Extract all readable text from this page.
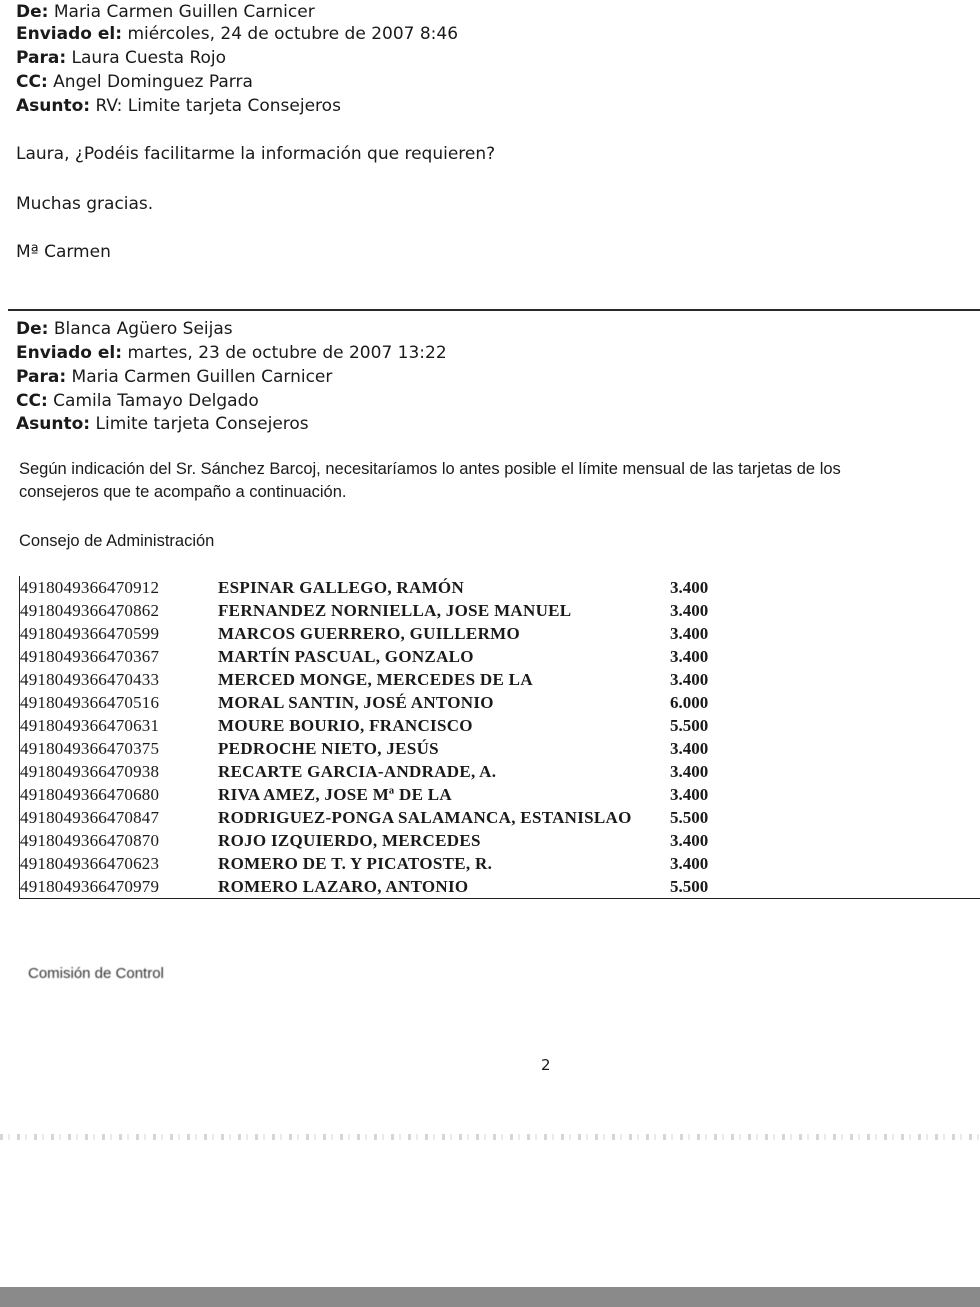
De: Maria Carmen Guillen Carnicer
Enviado el: miércoles, 24 de octubre de 2007 8:46
Para: Laura Cuesta Rojo
CC: Angel Dominguez Parra
Asunto: RV: Limite tarjeta Consejeros
Laura, ¿Podéis facilitarme la información que requieren?
Muchas gracias.
Mª Carmen
De: Blanca Agüero Seijas
Enviado el: martes, 23 de octubre de 2007 13:22
Para: Maria Carmen Guillen Carnicer
CC: Camila Tamayo Delgado
Asunto: Limite tarjeta Consejeros
Según indicación del Sr. Sánchez Barcoj, necesitaríamos lo antes posible el límite mensual de las tarjetas de los
consejeros que te acompaño a continuación.
Consejo de Administración
4918049366470912	ESPINAR GALLEGO, RAMÓN	3.400
4918049366470862	FERNANDEZ NORNIELLA, JOSE MANUEL	3.400
4918049366470599	MARCOS GUERRERO, GUILLERMO	3.400
4918049366470367	MARTÍN PASCUAL, GONZALO	3.400
4918049366470433	MERCED MONGE, MERCEDES DE LA	3.400
4918049366470516	MORAL SANTIN, JOSÉ ANTONIO	6.000
4918049366470631	MOURE BOURIO, FRANCISCO	5.500
4918049366470375	PEDROCHE NIETO, JESÚS	3.400
4918049366470938	RECARTE GARCIA-ANDRADE, A.	3.400
4918049366470680	RIVA AMEZ, JOSE Mª DE LA	3.400
4918049366470847	RODRIGUEZ-PONGA SALAMANCA, ESTANISLAO	5.500
4918049366470870	ROJO IZQUIERDO, MERCEDES	3.400
4918049366470623	ROMERO DE T. Y PICATOSTE, R.	3.400
4918049366470979	ROMERO LAZARO, ANTONIO	5.500
Comisión de Control
2
